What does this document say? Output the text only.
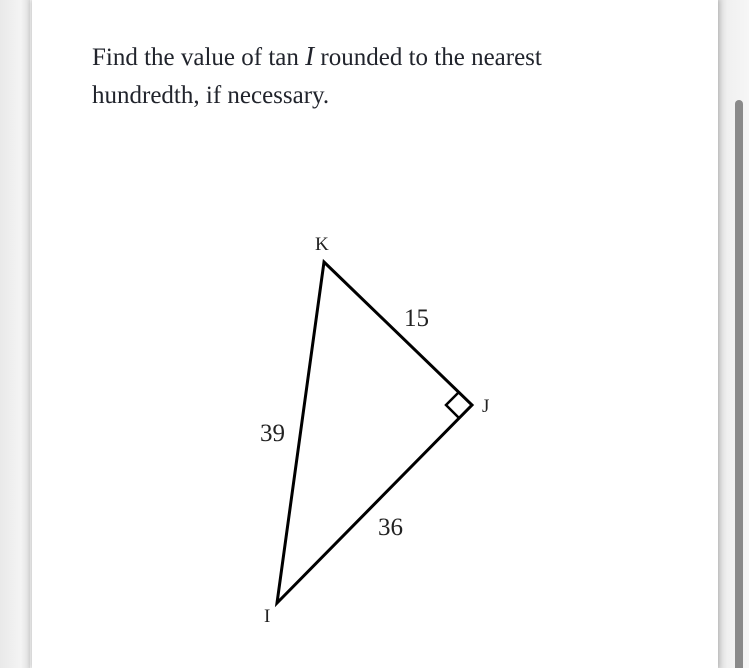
Find the value of tan I rounded to the nearest hundredth, if necessary.

K
J
I
15
39
36
